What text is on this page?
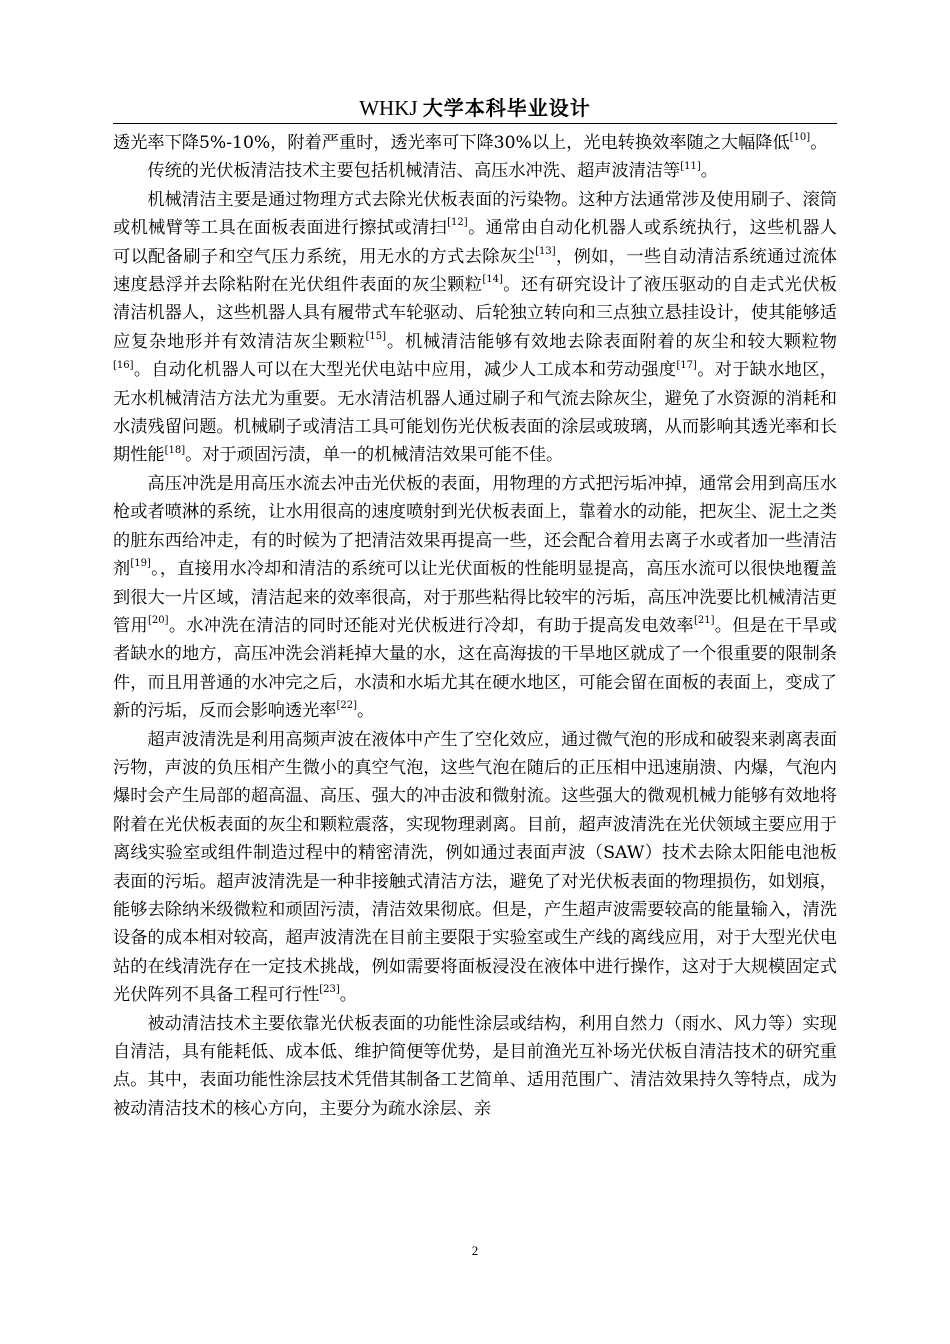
WHKJ 大学本科毕业设计

透光率下降5%-10%，附着严重时，透光率可下降30%以上，光电转换效率随之大幅降低[10]。

传统的光伏板清洁技术主要包括机械清洁、高压水冲洗、超声波清洁等[11]。

机械清洁主要是通过物理方式去除光伏板表面的污染物。这种方法通常涉及使用刷子、滚筒或机械臂等工具在面板表面进行擦拭或清扫[12]。通常由自动化机器人或系统执行，这些机器人可以配备刷子和空气压力系统，用无水的方式去除灰尘[13]，例如，一些自动清洁系统通过流体速度悬浮并去除粘附在光伏组件表面的灰尘颗粒[14]。还有研究设计了液压驱动的自走式光伏板清洁机器人，这些机器人具有履带式车轮驱动、后轮独立转向和三点独立悬挂设计，使其能够适应复杂地形并有效清洁灰尘颗粒[15]。机械清洁能够有效地去除表面附着的灰尘和较大颗粒物[16]。自动化机器人可以在大型光伏电站中应用，减少人工成本和劳动强度[17]。对于缺水地区，无水机械清洁方法尤为重要。无水清洁机器人通过刷子和气流去除灰尘，避免了水资源的消耗和水渍残留问题。机械刷子或清洁工具可能划伤光伏板表面的涂层或玻璃，从而影响其透光率和长期性能[18]。对于顽固污渍，单一的机械清洁效果可能不佳。

高压冲洗是用高压水流去冲击光伏板的表面，用物理的方式把污垢冲掉，通常会用到高压水枪或者喷淋的系统，让水用很高的速度喷射到光伏板表面上，靠着水的动能，把灰尘、泥土之类的脏东西给冲走，有的时候为了把清洁效果再提高一些，还会配合着用去离子水或者加一些清洁剂[19]。，直接用水冷却和清洁的系统可以让光伏面板的性能明显提高，高压水流可以很快地覆盖到很大一片区域，清洁起来的效率很高，对于那些粘得比较牢的污垢，高压冲洗要比机械清洁更管用[20]。水冲洗在清洁的同时还能对光伏板进行冷却，有助于提高发电效率[21]。但是在干旱或者缺水的地方，高压冲洗会消耗掉大量的水，这在高海拔的干旱地区就成了一个很重要的限制条件，而且用普通的水冲完之后，水渍和水垢尤其在硬水地区，可能会留在面板的表面上，变成了新的污垢，反而会影响透光率[22]。

超声波清洗是利用高频声波在液体中产生了空化效应，通过微气泡的形成和破裂来剥离表面污物，声波的负压相产生微小的真空气泡，这些气泡在随后的正压相中迅速崩溃、内爆，气泡内爆时会产生局部的超高温、高压、强大的冲击波和微射流。这些强大的微观机械力能够有效地将附着在光伏板表面的灰尘和颗粒震落，实现物理剥离。目前，超声波清洗在光伏领域主要应用于离线实验室或组件制造过程中的精密清洗，例如通过表面声波（SAW）技术去除太阳能电池板表面的污垢。超声波清洗是一种非接触式清洁方法，避免了对光伏板表面的物理损伤，如划痕，能够去除纳米级微粒和顽固污渍，清洁效果彻底。但是，产生超声波需要较高的能量输入，清洗设备的成本相对较高，超声波清洗在目前主要限于实验室或生产线的离线应用，对于大型光伏电站的在线清洗存在一定技术挑战，例如需要将面板浸没在液体中进行操作，这对于大规模固定式光伏阵列不具备工程可行性[23]。

被动清洁技术主要依靠光伏板表面的功能性涂层或结构，利用自然力（雨水、风力等）实现自清洁，具有能耗低、成本低、维护简便等优势，是目前渔光互补场光伏板自清洁技术的研究重点。其中，表面功能性涂层技术凭借其制备工艺简单、适用范围广、清洁效果持久等特点，成为被动清洁技术的核心方向，主要分为疏水涂层、亲

2
